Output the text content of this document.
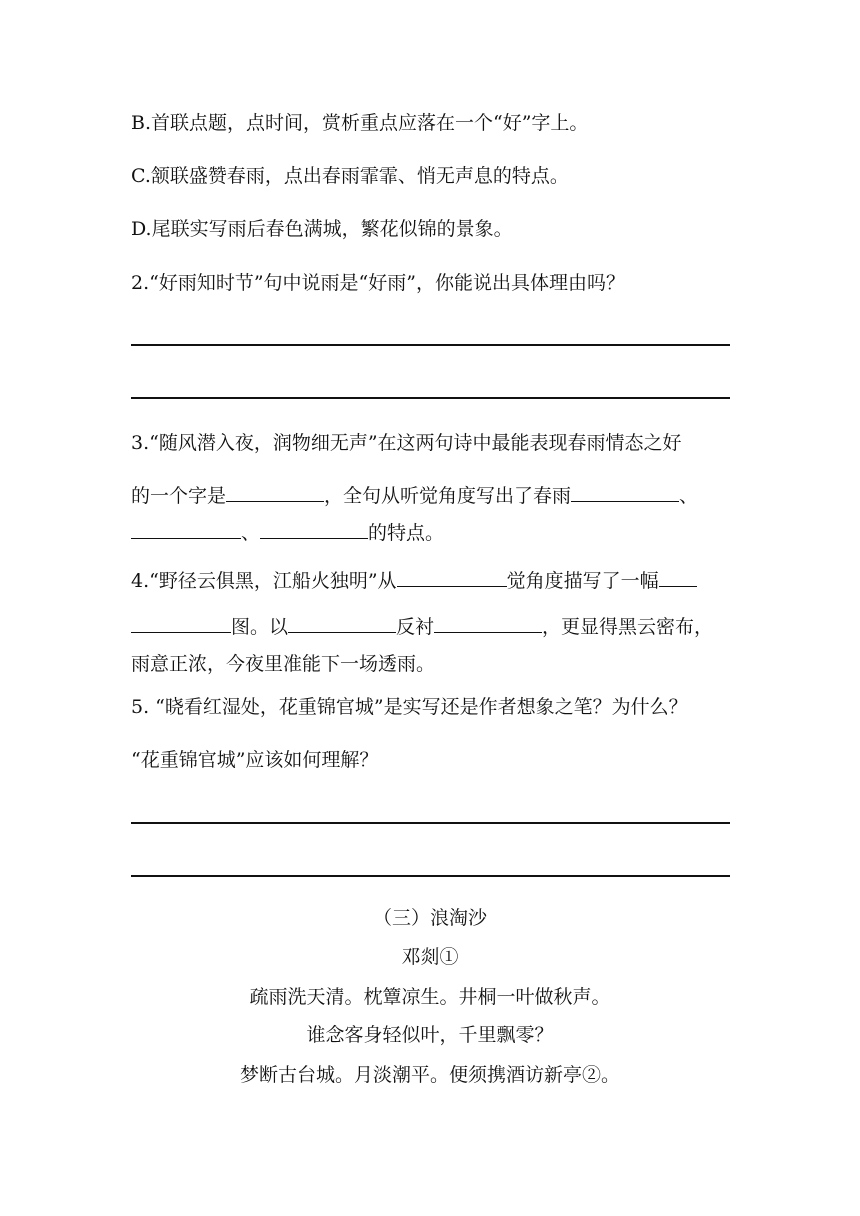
B.首联点题，点时间，赏析重点应落在一个“好”字上。
C.颔联盛赞春雨，点出春雨霏霏、悄无声息的特点。
D.尾联实写雨后春色满城，繁花似锦的景象。
2.“好雨知时节”句中说雨是“好雨”，你能说出具体理由吗？
3.“随风潜入夜，润物细无声”在这两句诗中最能表现春雨情态之好
的一个字是	，全句从听觉角度写出了春雨	、
、	的特点。
4.“野径云俱黑，江船火独明”从	觉角度描写了一幅
图。以	反衬	，更显得黑云密布，
雨意正浓，今夜里准能下一场透雨。
5. “晓看红湿处，花重锦官城”是实写还是作者想象之笔？为什么？
“花重锦官城”应该如何理解？
（三）浪淘沙
邓剡①
疏雨洗天清。枕簟凉生。井桐一叶做秋声。
谁念客身轻似叶，千里飘零？
梦断古台城。月淡潮平。便须携酒访新亭②。
